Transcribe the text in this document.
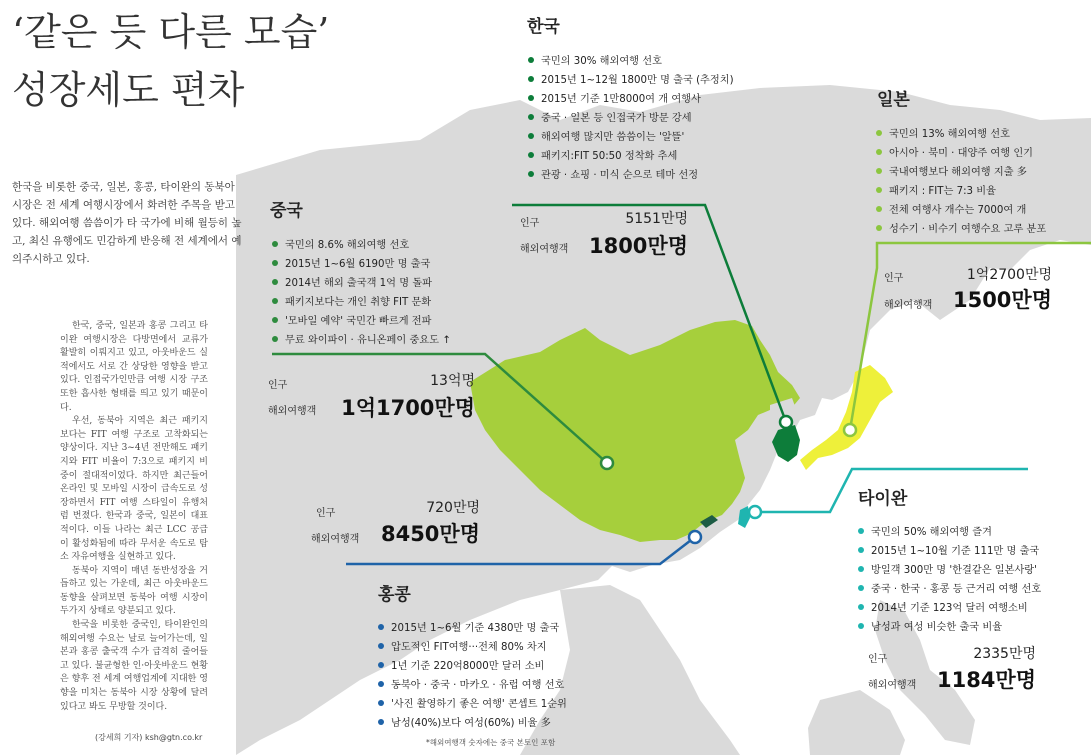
‘같은 듯 다른 모습’
성장세도 편차
한국을 비롯한 중국, 일본, 홍콩, 타이완의 동북아 시장은 전 세계 여행시장에서 화려한 주목을 받고 있다. 해외여행 씀씀이가 타 국가에 비해 월등히 높고, 최신 유행에도 민감하게 반응해 전 세계에서 예의주시하고 있다.

한국, 중국, 일본과 홍콩 그리고 타이완 여행시장은 다방면에서 교류가 활발히 이뤄지고 있고, 아웃바운드 실적에서도 서로 간 상당한 영향을 받고 있다. 인접국가인만큼 여행 시장 구조 또한 흡사한 형태를 띄고 있기 때문이다.

우선, 동북아 지역은 최근 패키지보다는 FIT 여행 구조로 고착화되는 양상이다. 지난 3~4년 전만해도 패키지와 FIT 비율이 7:3으로 패키지 비중이 절대적이었다. 하지만 최근들어 온라인 및 모바일 시장이 급속도로 성장하면서 FIT 여행 스타일이 유행처럼 번졌다. 한국과 중국, 일본이 대표적이다. 이들 나라는 최근 LCC 공급이 활성화됨에 따라 무서운 속도로 탐소 자유여행을 실현하고 있다.

동북아 지역이 매년 동반성장을 거듭하고 있는 가운데, 최근 아웃바운드 동향을 살펴보면 동북아 여행 시장이 두가지 상태로 양분되고 있다.

한국을 비롯한 중국인, 타이완인의 해외여행 수요는 날로 늘어가는데, 일본과 홍콩 출국객 수가 급격히 줄어들고 있다. 불균형한 인·아웃바운드 현황은 향후 전 세계 여행업계에 지대한 영향을 미치는 동북아 시장 상황에 달려있다고 봐도 무방할 것이다.

(강세희 기자) ksh@gtn.co.kr
한국
국민의 30% 해외여행 선호
2015년 1~12월 1800만 명 출국 (추정치)
2015년 기준 1만8000여 개 여행사
중국 · 일본 등 인접국가 방문 강세
해외여행 많지만 씀씀이는 '알뜰'
패키지:FIT 50:50 정착화 추세
관광 · 쇼핑 · 미식 순으로 테마 선정
인구	5151만명
해외여행객 1800만명
일본
국민의 13% 해외여행 선호
아시아 · 북미 · 대양주 여행 인기
국내여행보다 해외여행 지출 多
패키지 : FIT는 7:3 비율
전체 여행사 개수는 7000여 개
성수기 · 비수기 여행수요 고루 분포
인구	1억2700만명
해외여행객 1500만명
중국
국민의 8.6% 해외여행 선호
2015년 1~6월 6190만 명 출국
2014년 해외 출국객 1억 명 돌파
패키지보다는 개인 취향 FIT 문화
'모바일 예약' 국민간 빠르게 전파
무료 와이파이 · 유니온페이 중요도 ↑
인구	13억명
해외여행객	1억1700만명
인구	720만명
해외여행객	8450만명
홍콩
2015년 1~6월 기준 4380만 명 출국
압도적인 FIT여행···전체 80% 차지
1년 기준 220억8000만 달러 소비
동북아 · 중국 · 마카오 · 유럽 여행 선호
'사진 촬영하기 좋은 여행' 콘셉트 1순위
남성(40%)보다 여성(60%) 비율 多
타이완
국민의 50% 해외여행 즐겨
2015년 1~10월 기준 111만 명 출국
방일객 300만 명 '한결같은 일본사랑'
중국 · 한국 · 홍콩 등 근거리 여행 선호
2014년 기준 123억 달러 여행소비
남성과 여성 비슷한 출국 비율
인구	2335만명
해외여행객 1184만명
*해외여행객 숫자에는 중국 본토인 포함
